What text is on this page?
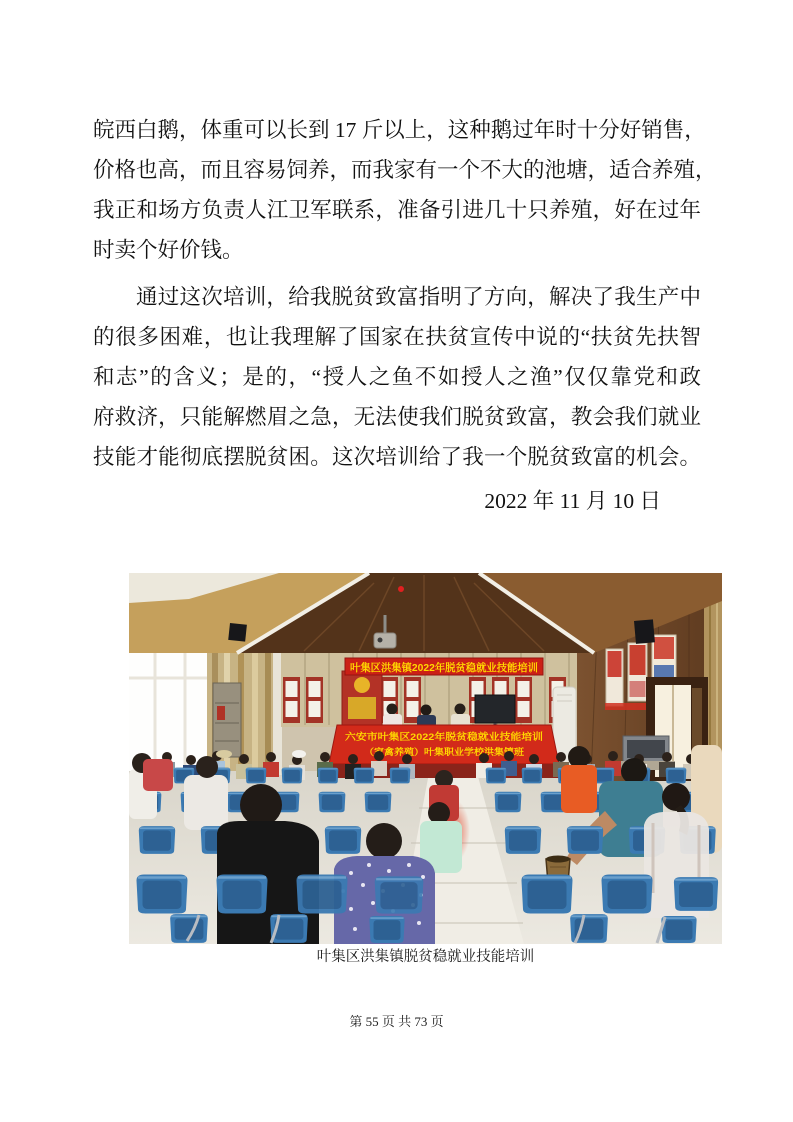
皖西白鹅，体重可以长到 17 斤以上，这种鹅过年时十分好销售，
价格也高，而且容易饲养，而我家有一个不大的池塘，适合养殖，
我正和场方负责人江卫军联系，准备引进几十只养殖，好在过年
时卖个好价钱。
通过这次培训，给我脱贫致富指明了方向，解决了我生产中
的很多困难，也让我理解了国家在扶贫宣传中说的“扶贫先扶智
和志”的含义；是的，“授人之鱼不如授人之渔”仅仅靠党和政
府救济，只能解燃眉之急，无法使我们脱贫致富，教会我们就业
技能才能彻底摆脱贫困。这次培训给了我一个脱贫致富的机会。
2022 年 11 月 10 日
叶集区洪集镇2022年脱贫稳就业技能培训
六安市叶集区2022年脱贫稳就业技能培训
（家禽养殖）叶集职业学校洪集镇班
叶集区洪集镇脱贫稳就业技能培训
第 55 页 共 73 页
